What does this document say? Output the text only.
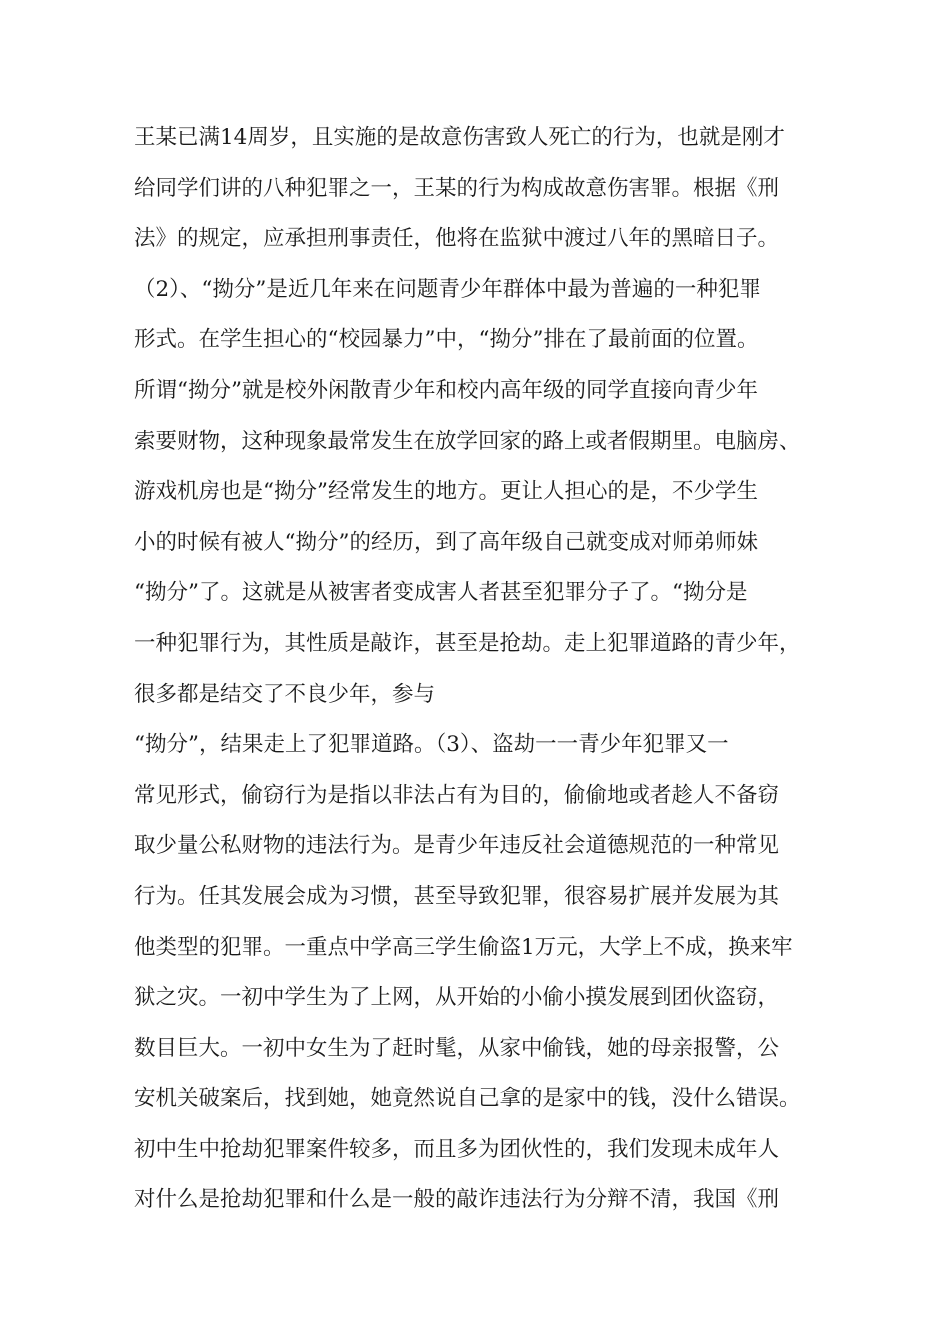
王某已满14周岁，且实施的是故意伤害致人死亡的行为，也就是刚才
给同学们讲的八种犯罪之一，王某的行为构成故意伤害罪。根据《刑
法》的规定，应承担刑事责任，他将在监狱中渡过八年的黑暗日子。
（2）、“拗分”是近几年来在问题青少年群体中最为普遍的一种犯罪
形式。在学生担心的“校园暴力”中，“拗分”排在了最前面的位置。
所谓“拗分”就是校外闲散青少年和校内高年级的同学直接向青少年
索要财物，这种现象最常发生在放学回家的路上或者假期里。电脑房、
游戏机房也是“拗分”经常发生的地方。更让人担心的是，不少学生
小的时候有被人“拗分”的经历，到了高年级自己就变成对师弟师妹
“拗分”了。这就是从被害者变成害人者甚至犯罪分子了。“拗分是
一种犯罪行为，其性质是敲诈，甚至是抢劫。走上犯罪道路的青少年，
很多都是结交了不良少年，参与
“拗分”，结果走上了犯罪道路。（3）、盗劫一一青少年犯罪又一
常见形式，偷窃行为是指以非法占有为目的，偷偷地或者趁人不备窃
取少量公私财物的违法行为。是青少年违反社会道德规范的一种常见
行为。任其发展会成为习惯，甚至导致犯罪，很容易扩展并发展为其
他类型的犯罪。一重点中学高三学生偷盗1万元，大学上不成，换来牢
狱之灾。一初中学生为了上网，从开始的小偷小摸发展到团伙盗窃，
数目巨大。一初中女生为了赶时髦，从家中偷钱，她的母亲报警，公
安机关破案后，找到她，她竟然说自己拿的是家中的钱，没什么错误。
初中生中抢劫犯罪案件较多，而且多为团伙性的，我们发现未成年人
对什么是抢劫犯罪和什么是一般的敲诈违法行为分辩不清，我国《刑
